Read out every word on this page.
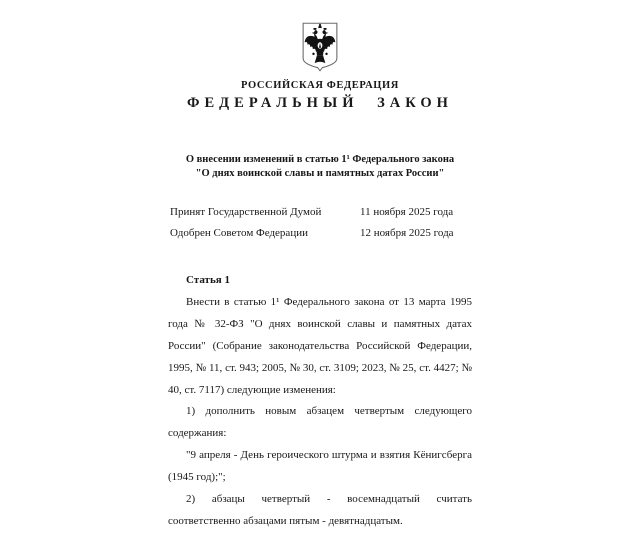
РОССИЙСКАЯ ФЕДЕРАЦИЯ
ФЕДЕРАЛЬНЫЙ ЗАКОН
О внесении изменений в статью 1¹ Федерального закона
"О днях воинской славы и памятных датах России"
Принят Государственной Думой	11 ноября 2025 года
Одобрен Советом Федерации	12 ноября 2025 года

Статья 1

Внести в статью 1¹ Федерального закона от 13 марта 1995 года № 32-ФЗ "О днях воинской славы и памятных датах России" (Собрание законодательства Российской Федерации, 1995, № 11, ст. 943; 2005, № 30, ст. 3109; 2023, № 25, ст. 4427; № 40, ст. 7117) следующие изменения:

1) дополнить новым абзацем четвертым следующего содержания:

"9 апреля - День героического штурма и взятия Кёнигсберга (1945 год);";

2) абзацы четвертый - восемнадцатый считать соответственно абзацами пятым - девятнадцатым.
